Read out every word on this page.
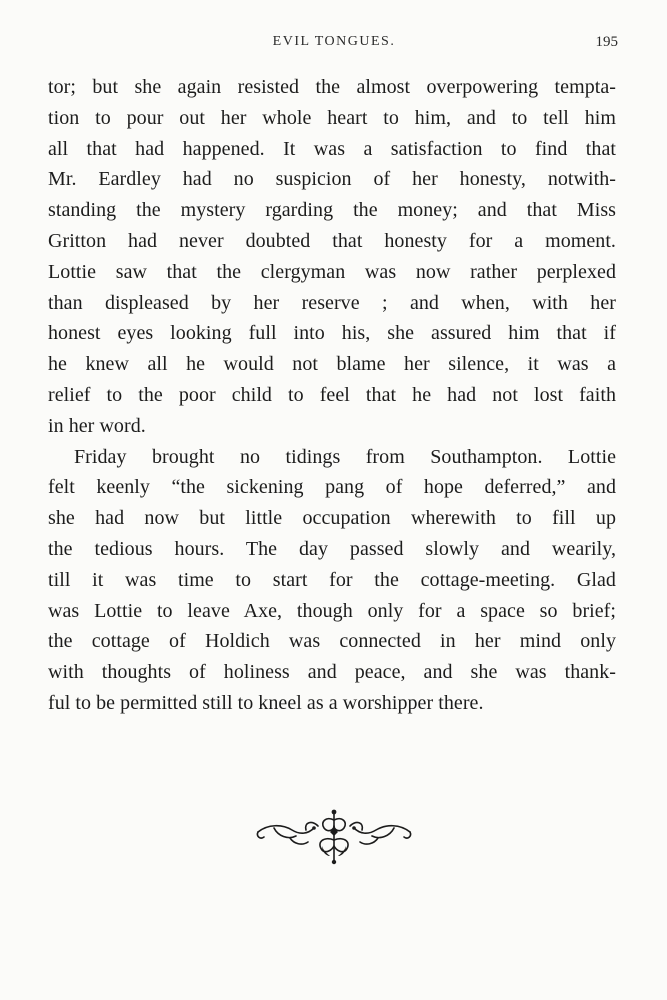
EVIL TONGUES.	195
tor; but she again resisted the almost overpowering tempta-
tion to pour out her whole heart to him, and to tell him
all that had happened. It was a satisfaction to find that
Mr. Eardley had no suspicion of her honesty, notwith-
standing the mystery rgarding the money; and that Miss
Gritton had never doubted that honesty for a moment.
Lottie saw that the clergyman was now rather perplexed
than displeased by her reserve ; and when, with her
honest eyes looking full into his, she assured him that if
he knew all he would not blame her silence, it was a
relief to the poor child to feel that he had not lost faith
in her word.
Friday brought no tidings from Southampton. Lottie
felt keenly “the sickening pang of hope deferred,” and
she had now but little occupation wherewith to fill up
the tedious hours. The day passed slowly and wearily,
till it was time to start for the cottage-meeting. Glad
was Lottie to leave Axe, though only for a space so brief;
the cottage of Holdich was connected in her mind only
with thoughts of holiness and peace, and she was thank-
ful to be permitted still to kneel as a worshipper there.
